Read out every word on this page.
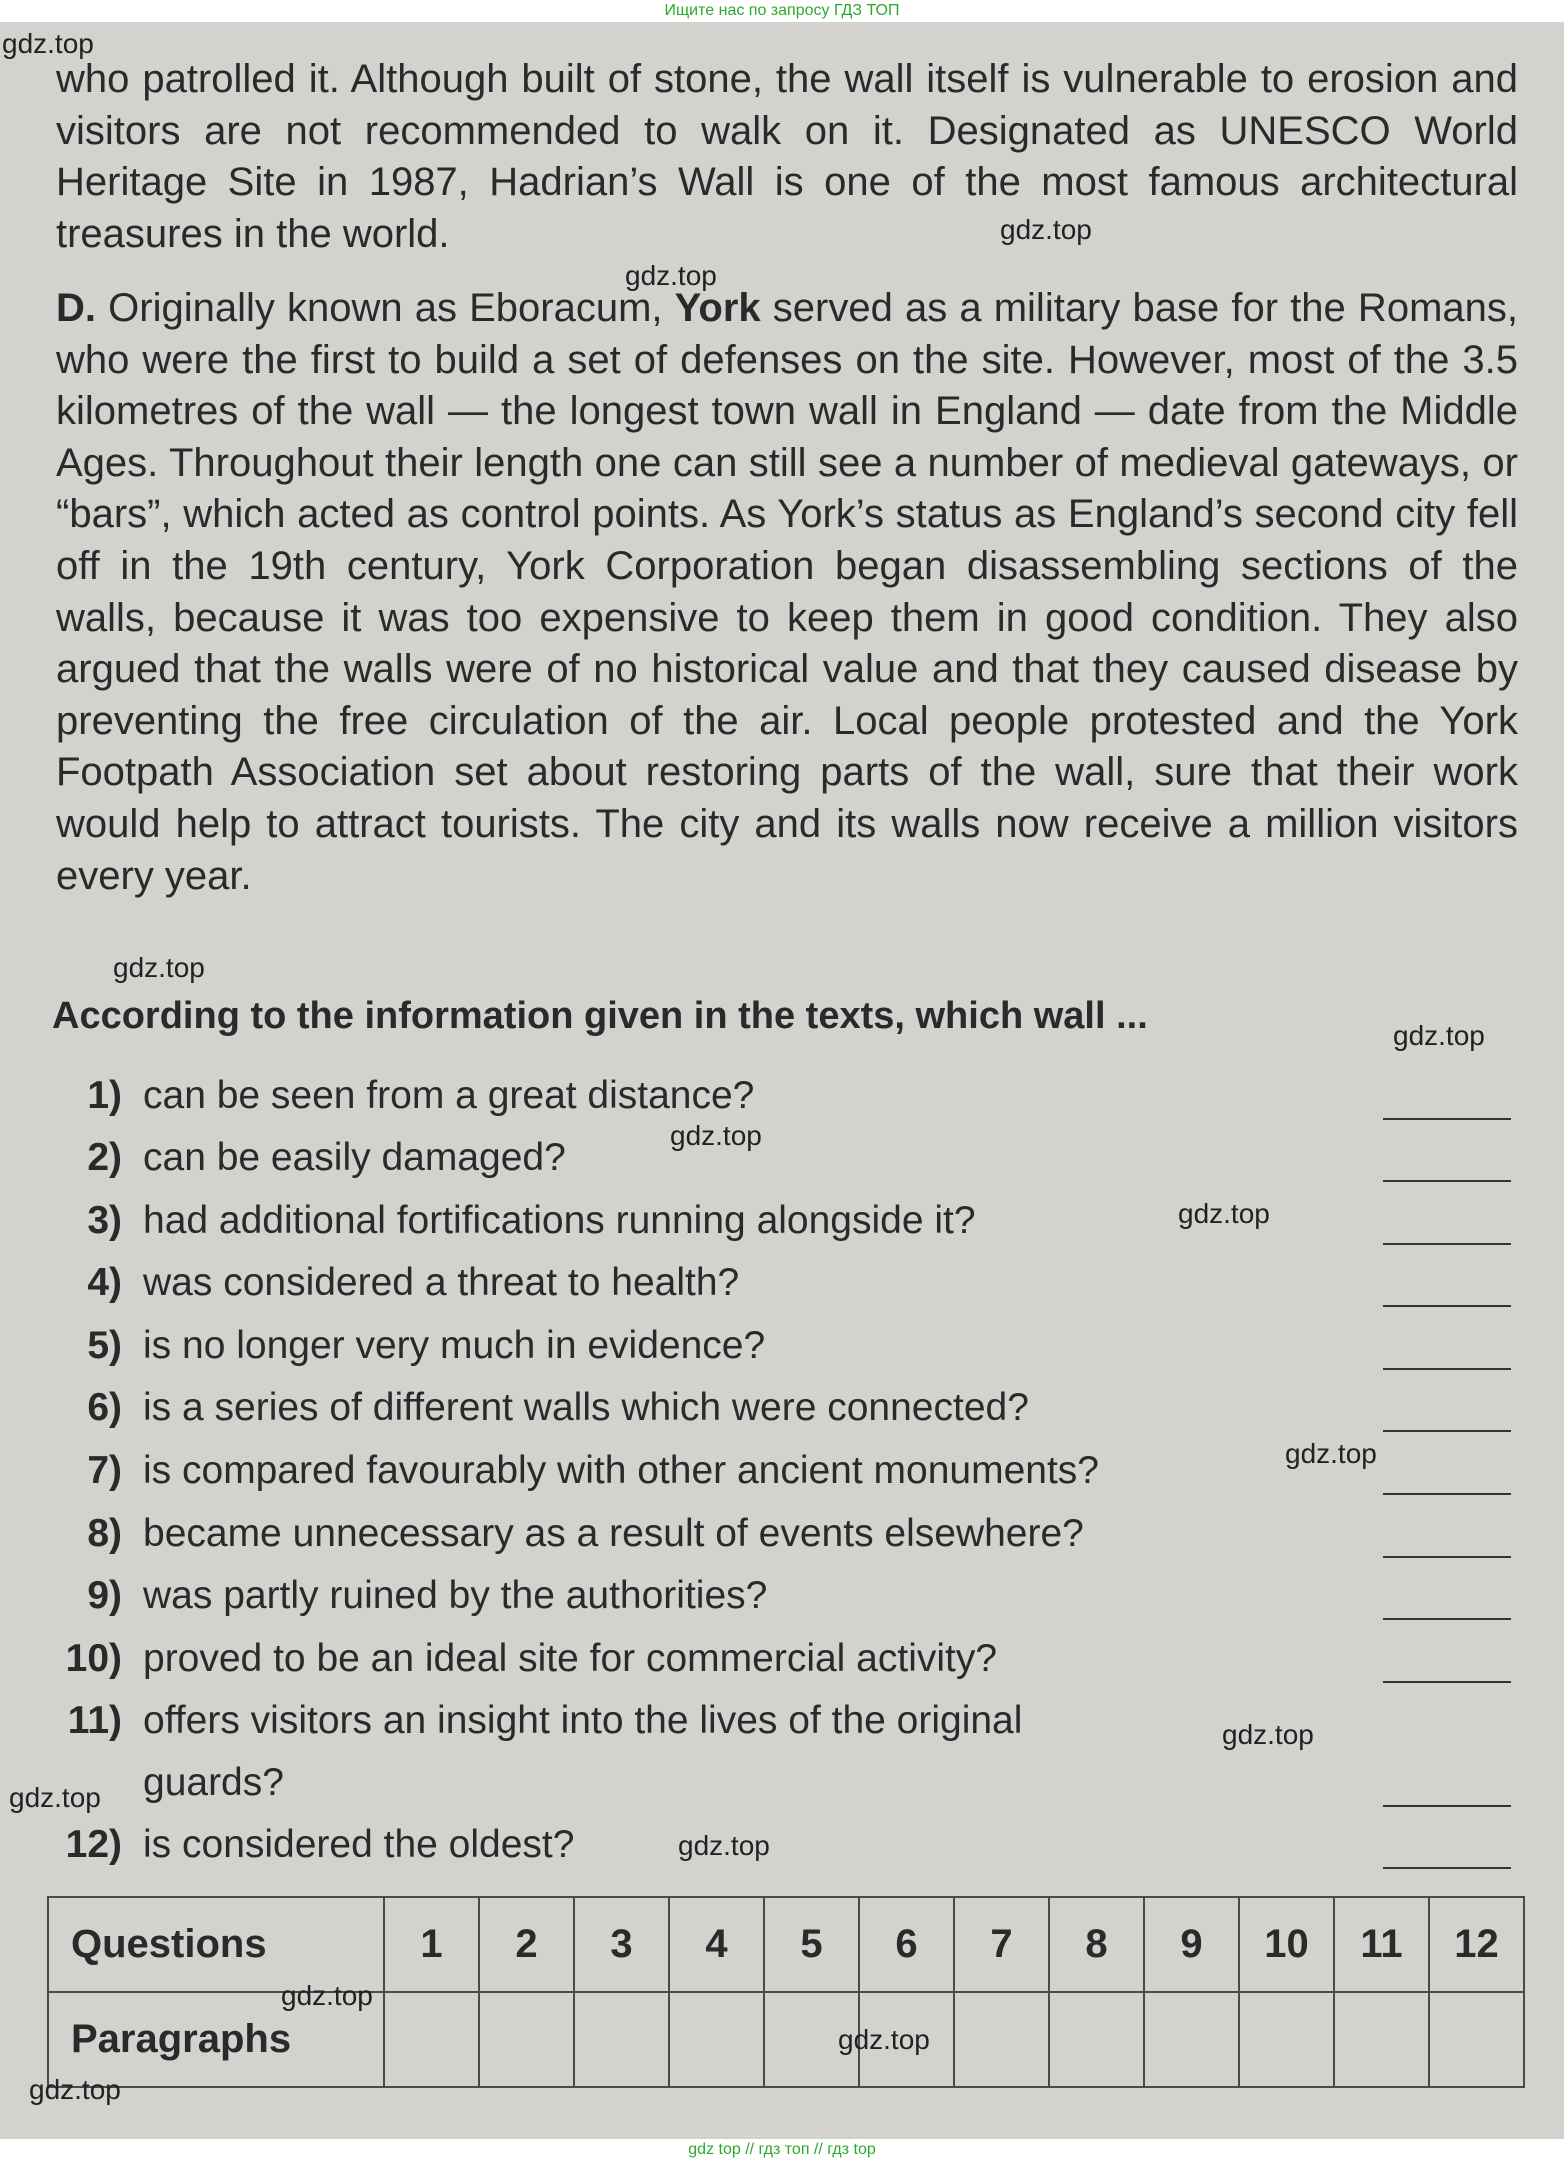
Ищите нас по запросу ГДЗ ТОП
who patrolled it. Although built of stone, the wall itself is vulnerable to erosion and visitors are not recommended to walk on it. Designated as UNESCO World Heritage Site in 1987, Hadrian’s Wall is one of the most famous architectural treasures in the world.
D. Originally known as Eboracum, York served as a military base for the Romans, who were the first to build a set of defenses on the site. However, most of the 3.5 kilometres of the wall — the longest town wall in England — date from the Middle Ages. Throughout their length one can still see a number of medieval gateways, or “bars”, which acted as control points. As York’s status as England’s second city fell off in the 19th century, York Corporation began disassembling sections of the walls, because it was too expensive to keep them in good condition. They also argued that the walls were of no historical value and that they caused disease by preventing the free circulation of the air. Local people protested and the York Footpath Association set about restoring parts of the wall, sure that their work would help to attract tourists. The city and its walls now receive a million visitors every year.
According to the information given in the texts, which wall ...
1) can be seen from a great distance?
2) can be easily damaged?
3) had additional fortifications running alongside it?
4) was considered a threat to health?
5) is no longer very much in evidence?
6) is a series of different walls which were connected?
7) is compared favourably with other ancient monuments?
8) became unnecessary as a result of events elsewhere?
9) was partly ruined by the authorities?
10) proved to be an ideal site for commercial activity?
11) offers visitors an insight into the lives of the original
guards?
12) is considered the oldest?
Questions	1	2	3	4	5	6	7	8	9	10	11	12
Paragraphs												
gdz.top
gdz.top
gdz.top
gdz.top
gdz.top
gdz.top
gdz.top
gdz.top
gdz.top
gdz.top
gdz.top
gdz.top
gdz.top
gdz.top
gdz top // гдз топ // гдз top
